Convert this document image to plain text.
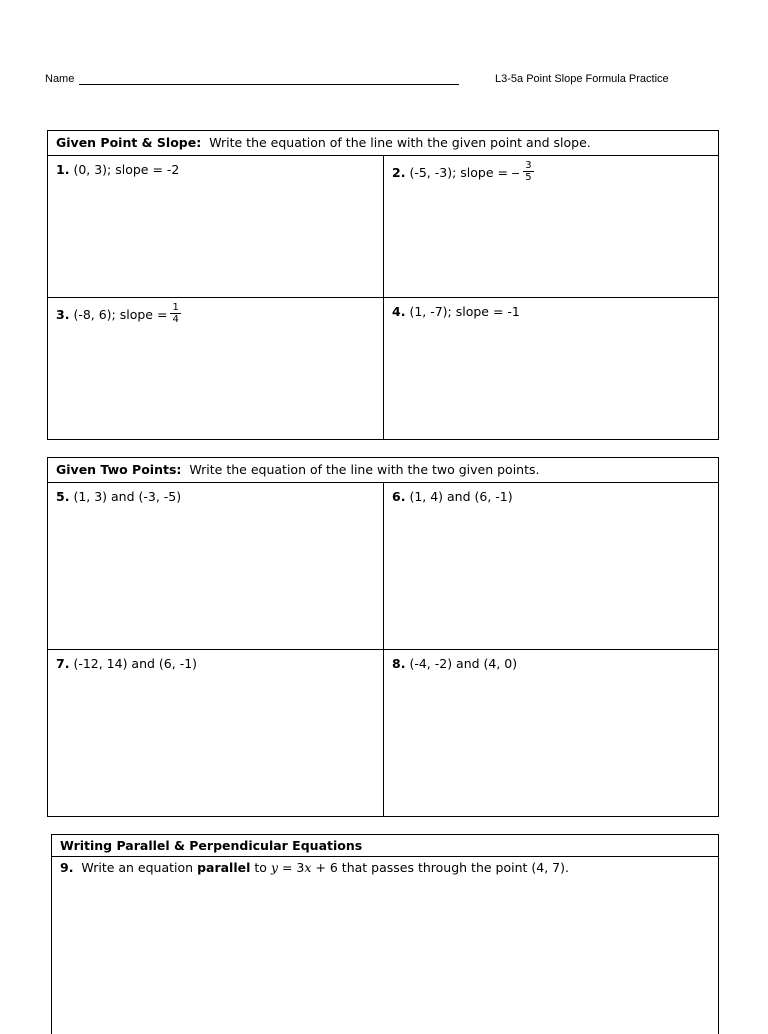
Name	L3-5a Point Slope Formula Practice
Given Point & Slope: Write the equation of the line with the given point and slope.
1. (0, 3); slope = -2	2. (-5, -3); slope = − $\frac{3}{5}$
3. (-8, 6); slope = $\frac{1}{4}$	4. (1, -7); slope = -1
Given Two Points: Write the equation of the line with the two given points.
5. (1, 3) and (-3, -5)	6. (1, 4) and (6, -1)
7. (-12, 14) and (6, -1)	8. (-4, -2) and (4, 0)
Writing Parallel & Perpendicular Equations
9. Write an equation parallel to y = 3x + 6 that passes through the point (4, 7).
